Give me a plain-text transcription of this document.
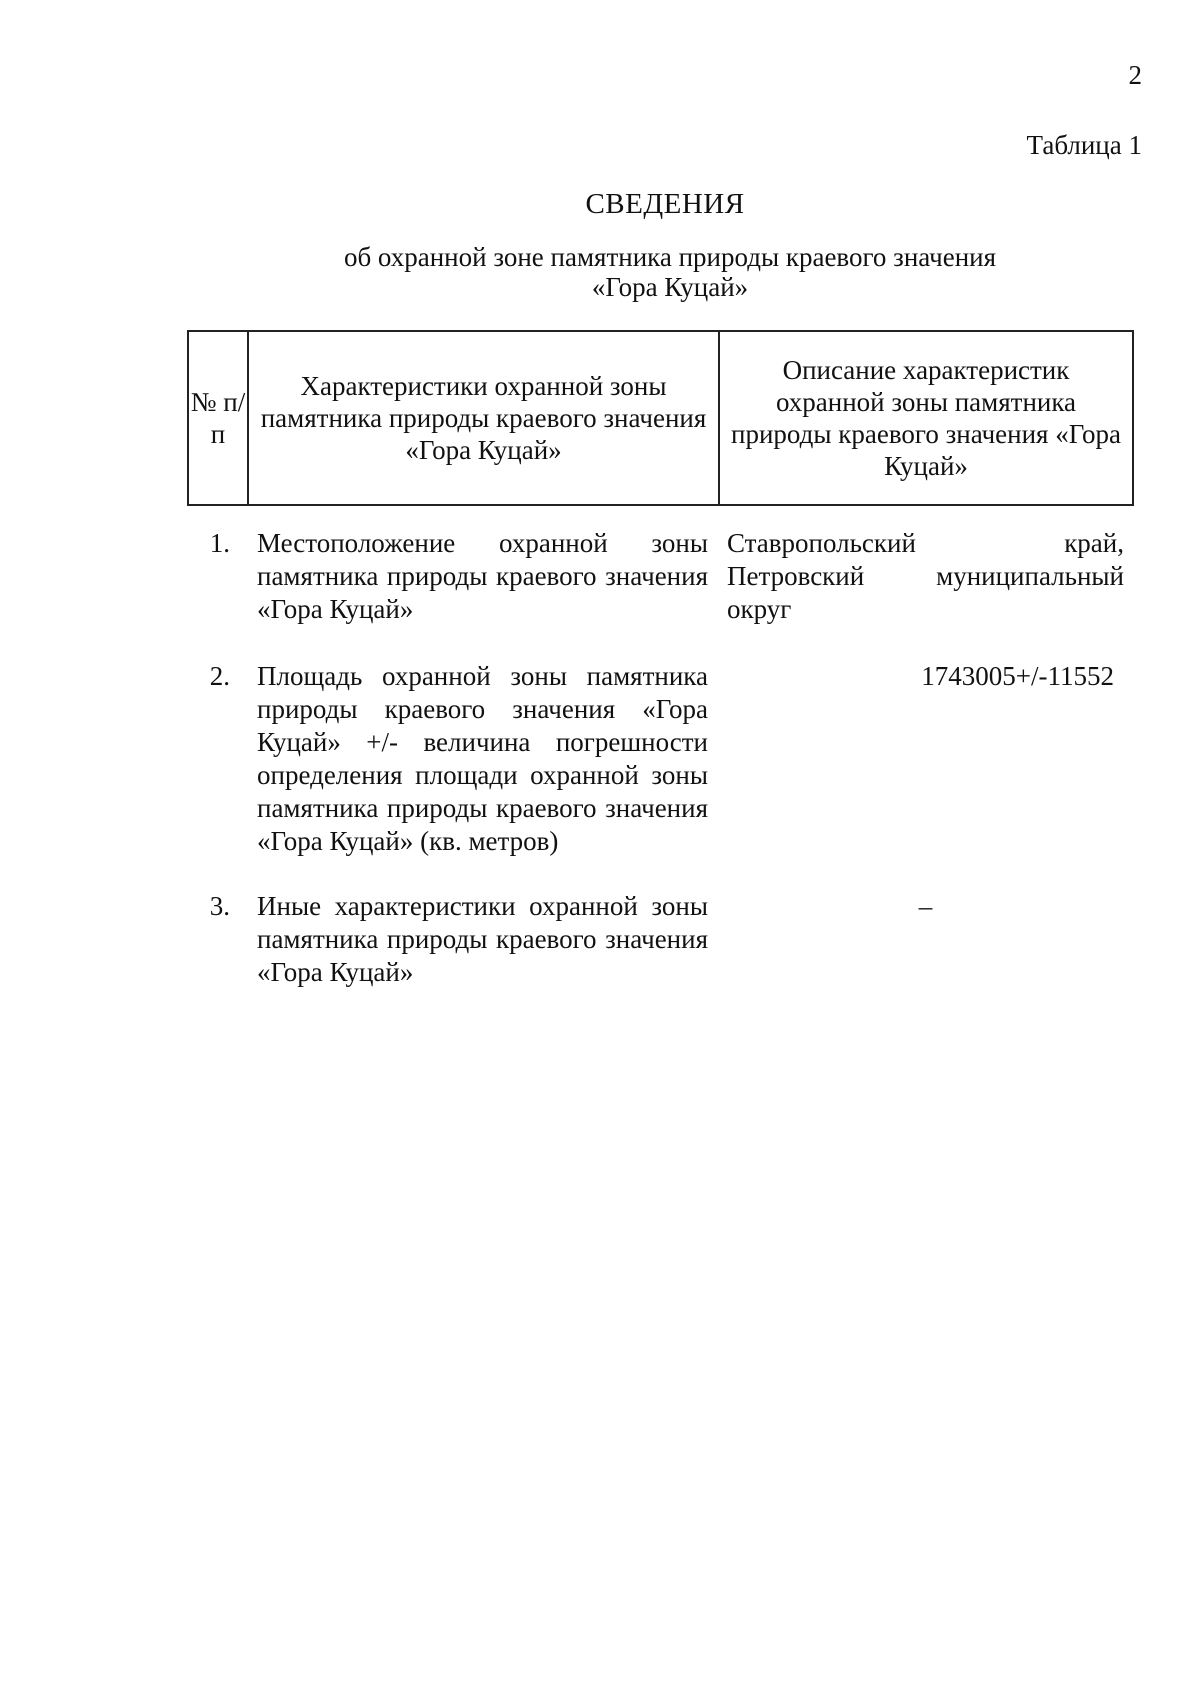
2
Таблица 1
СВЕДЕНИЯ
об охранной зоне памятника природы краевого значения
«Гора Куцай»
№ п/п
Характеристики охранной зоны памятника природы краевого значения «Гора Куцай»
Описание характеристик охранной зоны памятника природы краевого значения «Гора Куцай»
1. Местоположение охранной зоны памятника природы краевого значения «Гора Куцай»
Ставропольский край, Петровский муниципальный округ
2. Площадь охранной зоны памятника природы краевого значения «Гора Куцай» +/- величина погрешности определения площади охранной зоны памятника природы краевого значения «Гора Куцай» (кв. метров)
1743005+/-11552
3. Иные характеристики охранной зоны памятника природы краевого значения «Гора Куцай»
–
